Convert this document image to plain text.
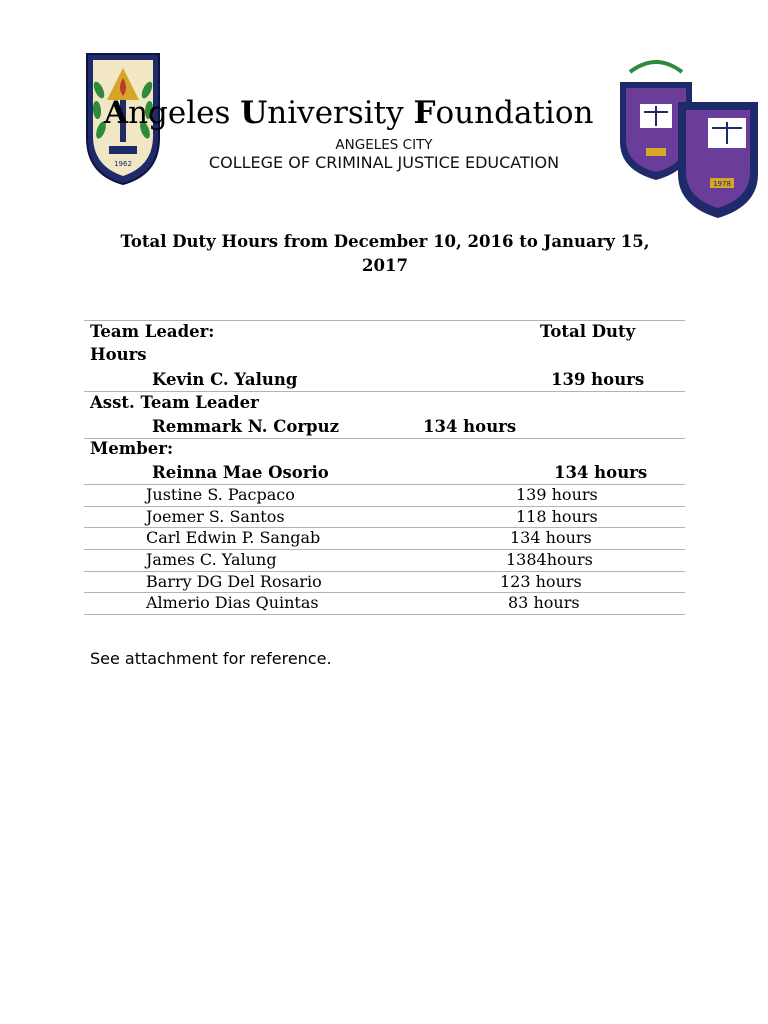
1962
1978
Angeles University Foundation
ANGELES CITY
COLLEGE OF CRIMINAL JUSTICE EDUCATION
Total Duty Hours from December 10, 2016 to January 15,
2017
Team Leader:	Total Duty
Hours
Kevin C. Yalung	139 hours
Asst. Team Leader
Remmark N. Corpuz	134 hours
Member:
Reinna Mae Osorio	134 hours
Justine S. Pacpaco	139 hours
Joemer S. Santos	118 hours
Carl Edwin P. Sangab	134 hours
James C. Yalung	1384hours
Barry DG Del Rosario	123 hours
Almerio Dias Quintas	83 hours
See attachment for reference.
